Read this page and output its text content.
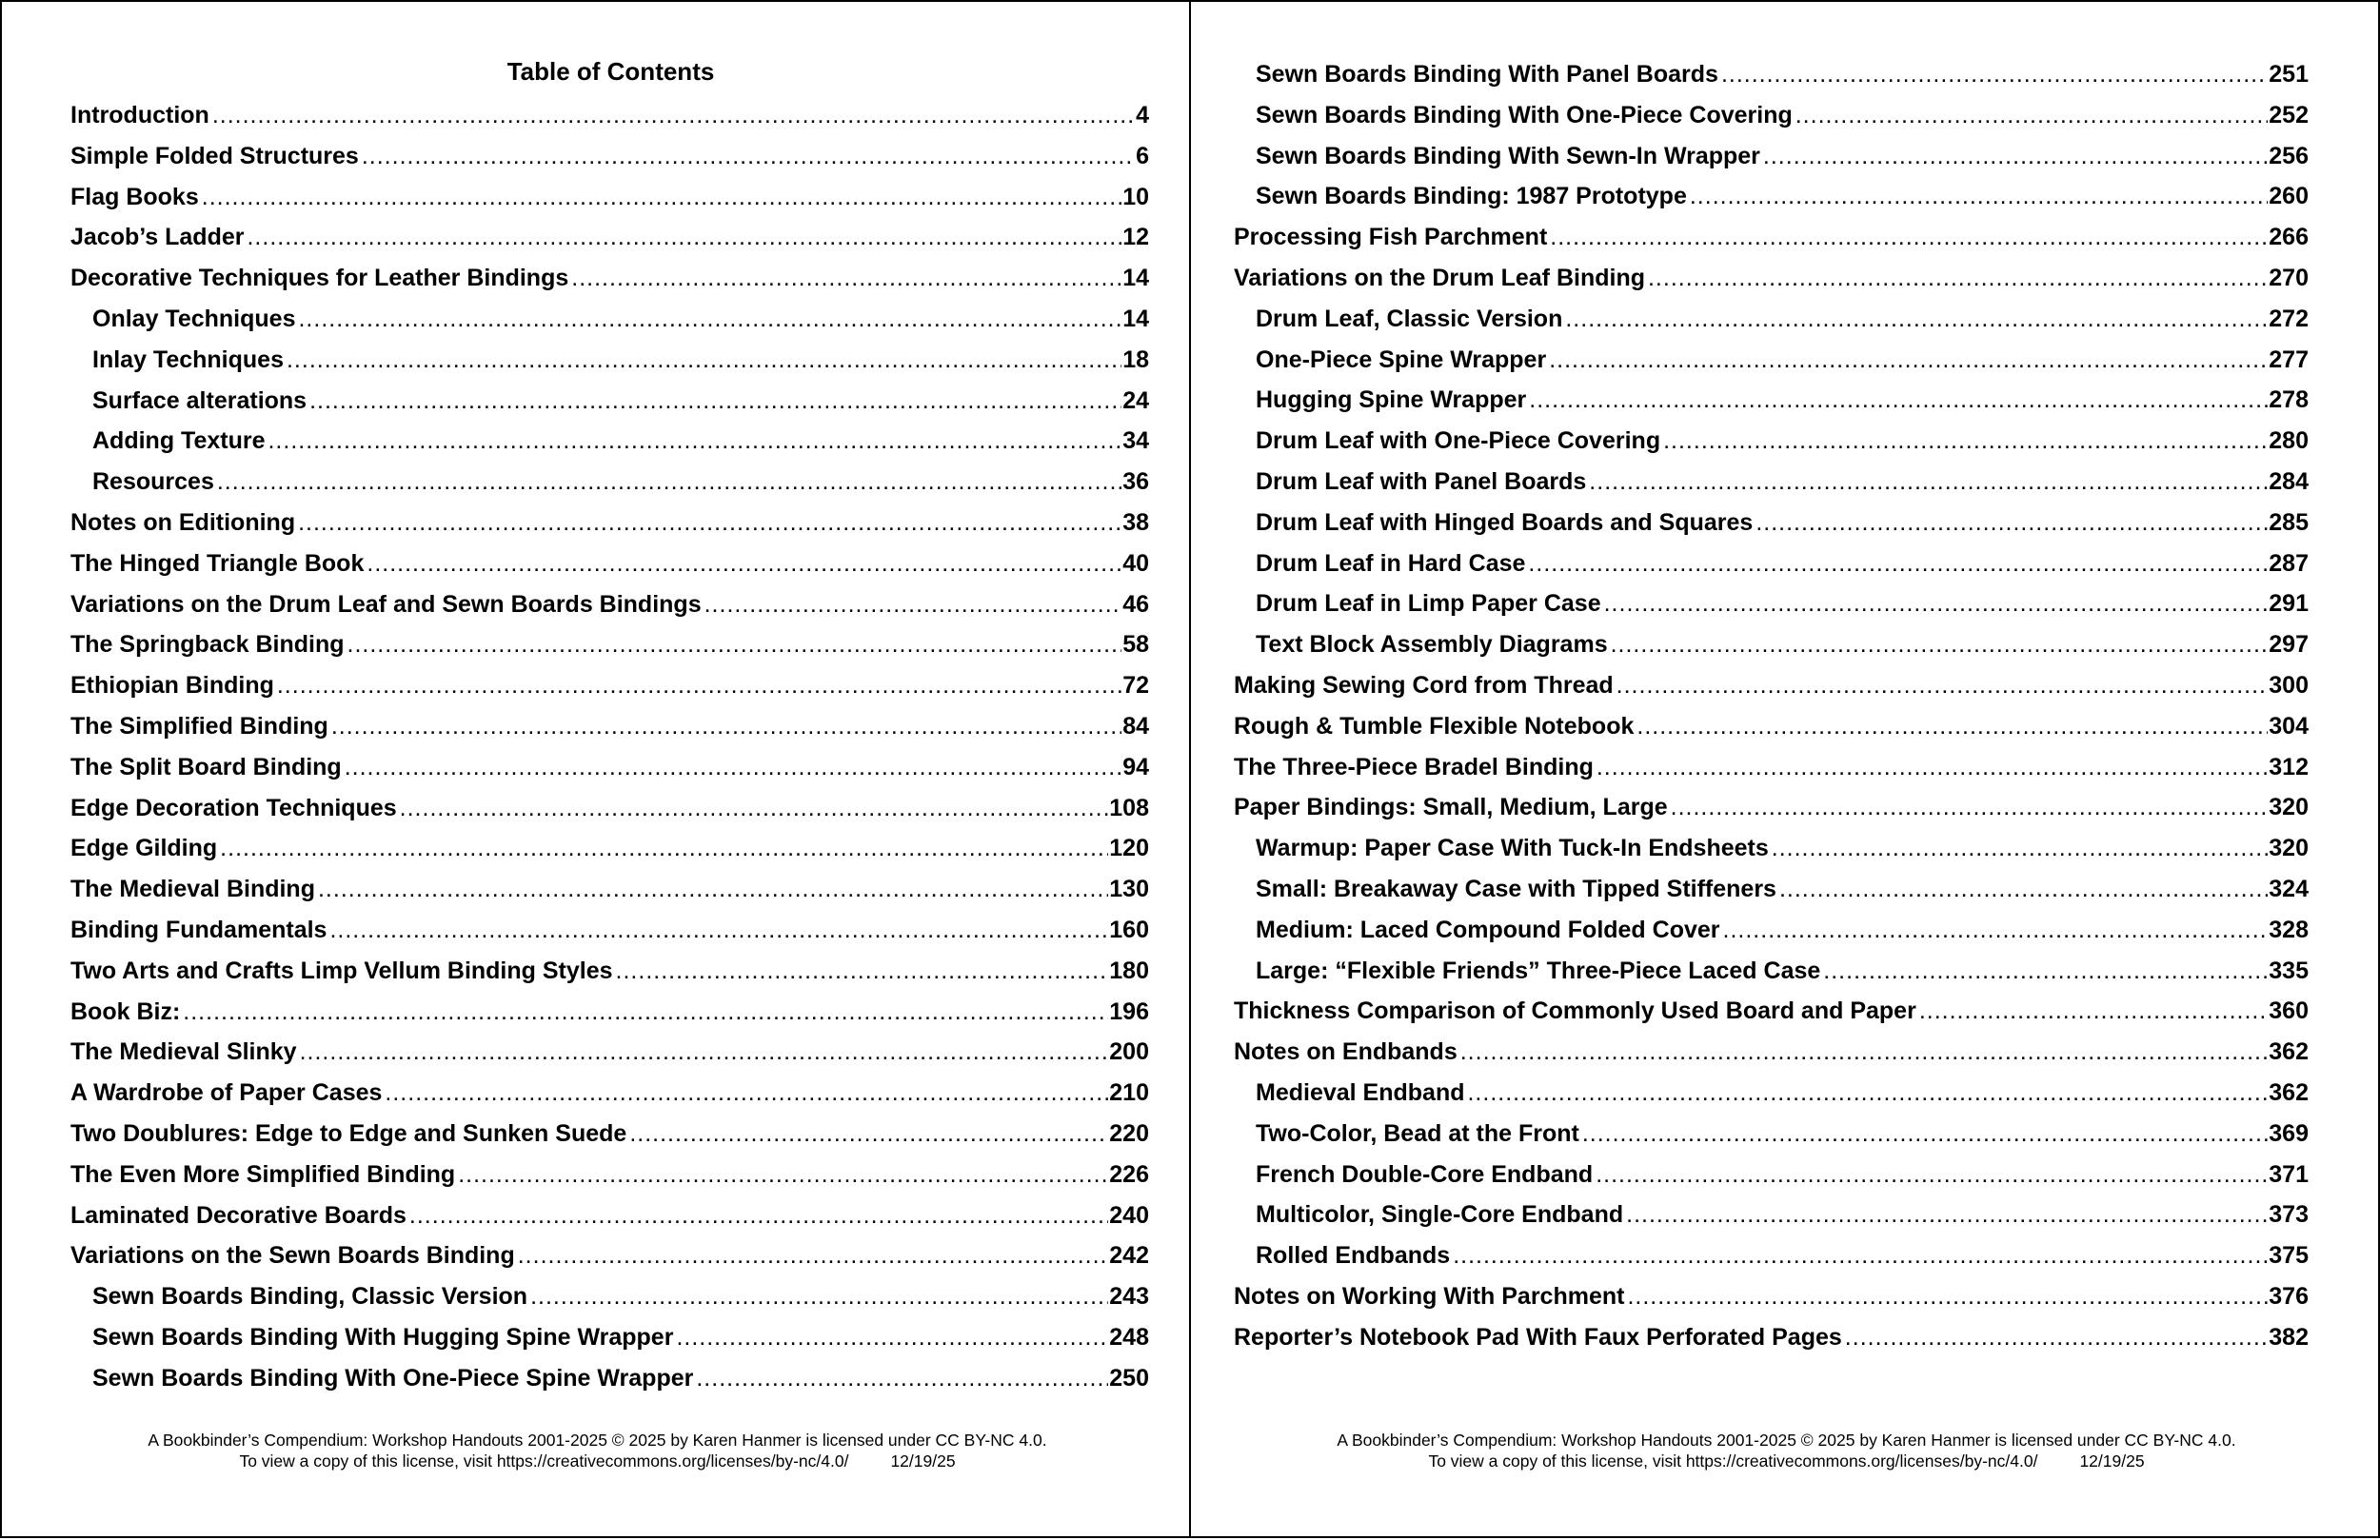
Table of Contents
Introduction .....	4
Simple Folded Structures .....	6
Flag Books .....	10
Jacob’s Ladder .....	12
Decorative Techniques for Leather Bindings .....	14
Onlay Techniques .....	14
Inlay Techniques .....	18
Surface alterations .....	24
Adding Texture .....	34
Resources .....	36
Notes on Editioning .....	38
The Hinged Triangle Book .....	40
Variations on the Drum Leaf and Sewn Boards Bindings .....	46
The Springback Binding .....	58
Ethiopian Binding .....	72
The Simplified Binding .....	84
The Split Board Binding .....	94
Edge Decoration Techniques .....	108
Edge Gilding .....	120
The Medieval Binding .....	130
Binding Fundamentals .....	160
Two Arts and Crafts Limp Vellum Binding Styles .....	180
Book Biz: .....	196
The Medieval Slinky .....	200
A Wardrobe of Paper Cases .....	210
Two Doublures: Edge to Edge and Sunken Suede .....	220
The Even More Simplified Binding .....	226
Laminated Decorative Boards .....	240
Variations on the Sewn Boards Binding .....	242
Sewn Boards Binding, Classic Version .....	243
Sewn Boards Binding With Hugging Spine Wrapper .....	248
Sewn Boards Binding With One-Piece Spine Wrapper .....	250
A Bookbinder’s Compendium: Workshop Handouts 2001-2025 © 2025 by Karen Hanmer is licensed under CC BY-NC 4.0.
To view a copy of this license, visit https://creativecommons.org/licenses/by-nc/4.0/	12/19/25
Sewn Boards Binding With Panel Boards .....	251
Sewn Boards Binding With One-Piece Covering .....	252
Sewn Boards Binding With Sewn-In Wrapper .....	256
Sewn Boards Binding: 1987 Prototype .....	260
Processing Fish Parchment .....	266
Variations on the Drum Leaf Binding .....	270
Drum Leaf, Classic Version .....	272
One-Piece Spine Wrapper .....	277
Hugging Spine Wrapper .....	278
Drum Leaf with One-Piece Covering .....	280
Drum Leaf with Panel Boards .....	284
Drum Leaf with Hinged Boards and Squares .....	285
Drum Leaf in Hard Case .....	287
Drum Leaf in Limp Paper Case .....	291
Text Block Assembly Diagrams .....	297
Making Sewing Cord from Thread .....	300
Rough & Tumble Flexible Notebook .....	304
The Three-Piece Bradel Binding .....	312
Paper Bindings: Small, Medium, Large .....	320
Warmup: Paper Case With Tuck-In Endsheets .....	320
Small: Breakaway Case with Tipped Stiffeners .....	324
Medium: Laced Compound Folded Cover .....	328
Large: “Flexible Friends” Three-Piece Laced Case .....	335
Thickness Comparison of Commonly Used Board and Paper .....	360
Notes on Endbands .....	362
Medieval Endband .....	362
Two-Color, Bead at the Front .....	369
French Double-Core Endband .....	371
Multicolor, Single-Core Endband .....	373
Rolled Endbands .....	375
Notes on Working With Parchment .....	376
Reporter’s Notebook Pad With Faux Perforated Pages .....	382
A Bookbinder’s Compendium: Workshop Handouts 2001-2025 © 2025 by Karen Hanmer is licensed under CC BY-NC 4.0.
To view a copy of this license, visit https://creativecommons.org/licenses/by-nc/4.0/	12/19/25
